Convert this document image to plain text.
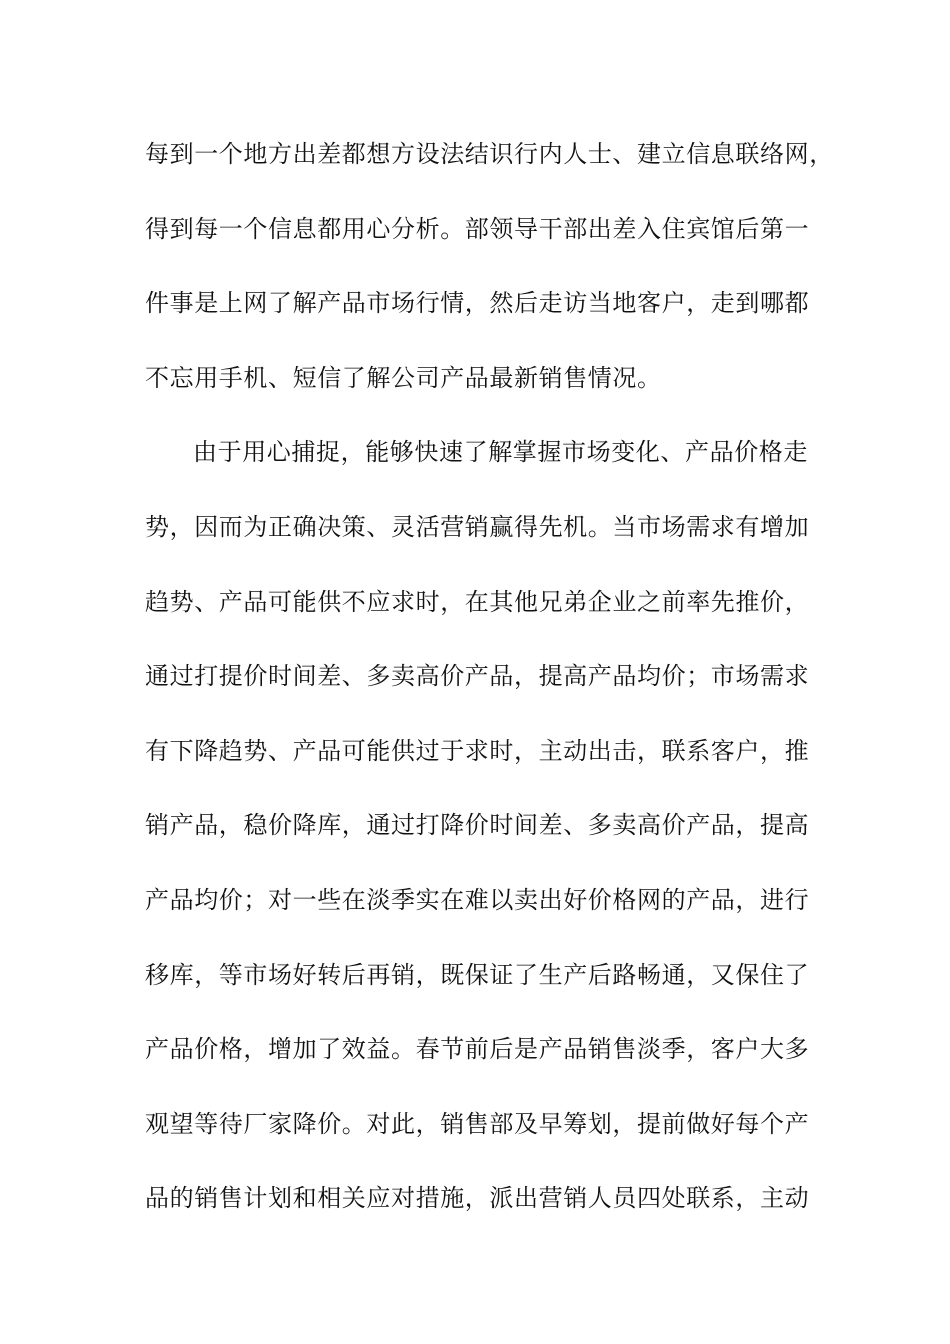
每到一个地方出差都想方设法结识行内人士、建立信息联络网，
得到每一个信息都用心分析。部领导干部出差入住宾馆后第一
件事是上网了解产品市场行情，然后走访当地客户，走到哪都
不忘用手机、短信了解公司产品最新销售情况。
由于用心捕捉，能够快速了解掌握市场变化、产品价格走
势，因而为正确决策、灵活营销赢得先机。当市场需求有增加
趋势、产品可能供不应求时，在其他兄弟企业之前率先推价，
通过打提价时间差、多卖高价产品，提高产品均价；市场需求
有下降趋势、产品可能供过于求时，主动出击，联系客户，推
销产品，稳价降库，通过打降价时间差、多卖高价产品，提高
产品均价；对一些在淡季实在难以卖出好价格网的产品，进行
移库，等市场好转后再销，既保证了生产后路畅通，又保住了
产品价格，增加了效益。春节前后是产品销售淡季，客户大多
观望等待厂家降价。对此，销售部及早筹划，提前做好每个产
品的销售计划和相关应对措施，派出营销人员四处联系，主动
